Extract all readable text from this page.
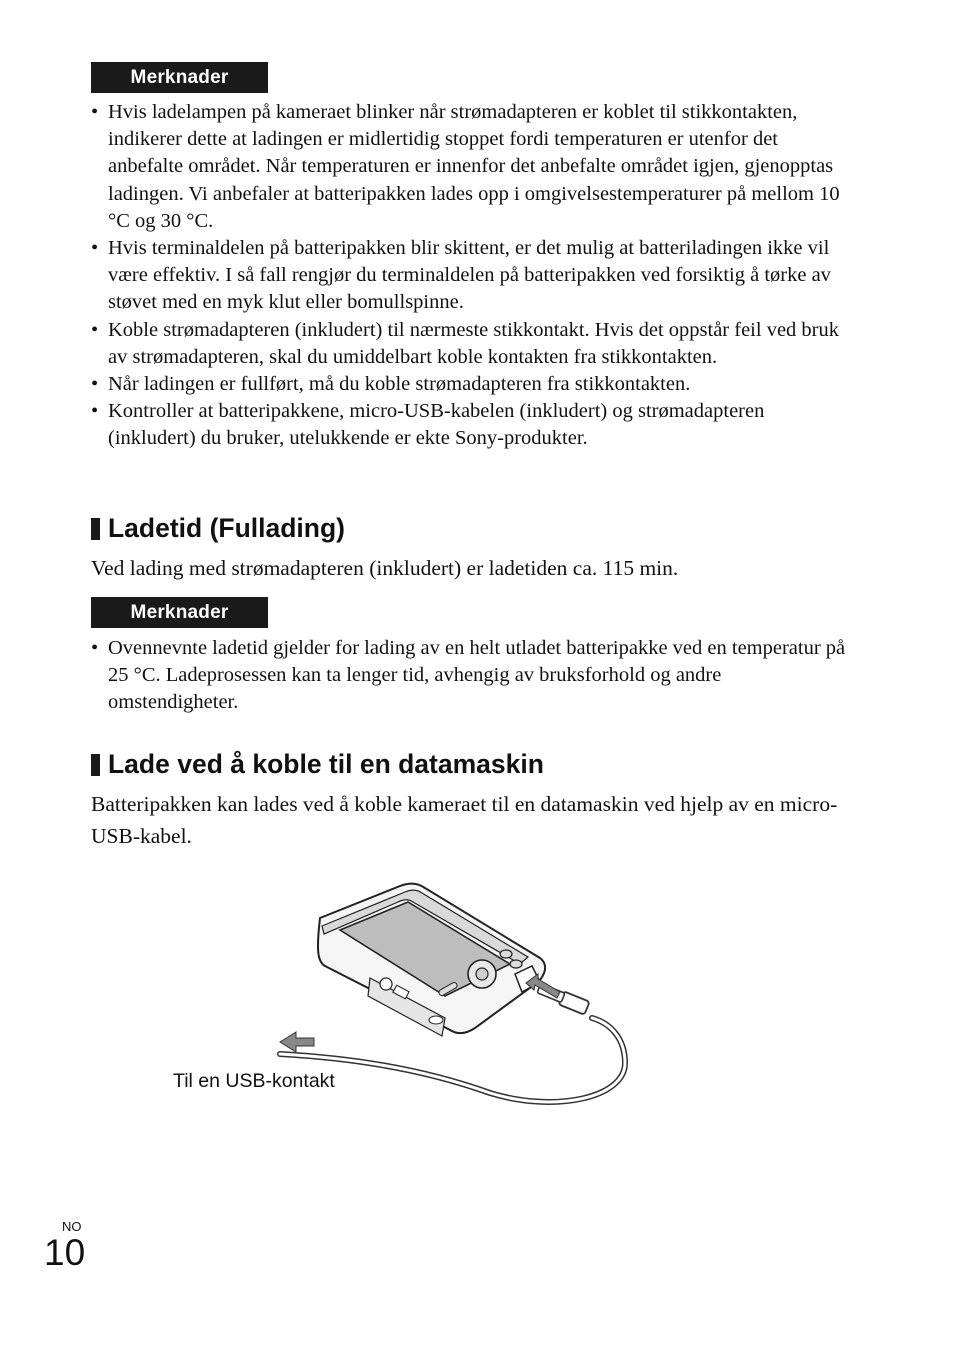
Merknader
• Hvis ladelampen på kameraet blinker når strømadapteren er koblet til stikkontakten, indikerer dette at ladingen er midlertidig stoppet fordi temperaturen er utenfor det anbefalte området. Når temperaturen er innenfor det anbefalte området igjen, gjenopptas ladingen. Vi anbefaler at batteripakken lades opp i omgivelsestemperaturer på mellom 10 °C og 30 °C.
• Hvis terminaldelen på batteripakken blir skittent, er det mulig at batteriladingen ikke vil være effektiv. I så fall rengjør du terminaldelen på batteripakken ved forsiktig å tørke av støvet med en myk klut eller bomullspinne.
• Koble strømadapteren (inkludert) til nærmeste stikkontakt. Hvis det oppstår feil ved bruk av strømadapteren, skal du umiddelbart koble kontakten fra stikkontakten.
• Når ladingen er fullført, må du koble strømadapteren fra stikkontakten.
• Kontroller at batteripakkene, micro-USB-kabelen (inkludert) og strømadapteren (inkludert) du bruker, utelukkende er ekte Sony-produkter.
Ladetid (Fullading)

Ved lading med strømadapteren (inkludert) er ladetiden ca. 115 min.

Merknader
• Ovennevnte ladetid gjelder for lading av en helt utladet batteripakke ved en temperatur på 25 °C. Ladeprosessen kan ta lenger tid, avhengig av bruksforhold og andre omstendigheter.
Lade ved å koble til en datamaskin

Batteripakken kan lades ved å koble kameraet til en datamaskin ved hjelp av en micro-USB-kabel.

Til en USB-kontakt
NO
10
